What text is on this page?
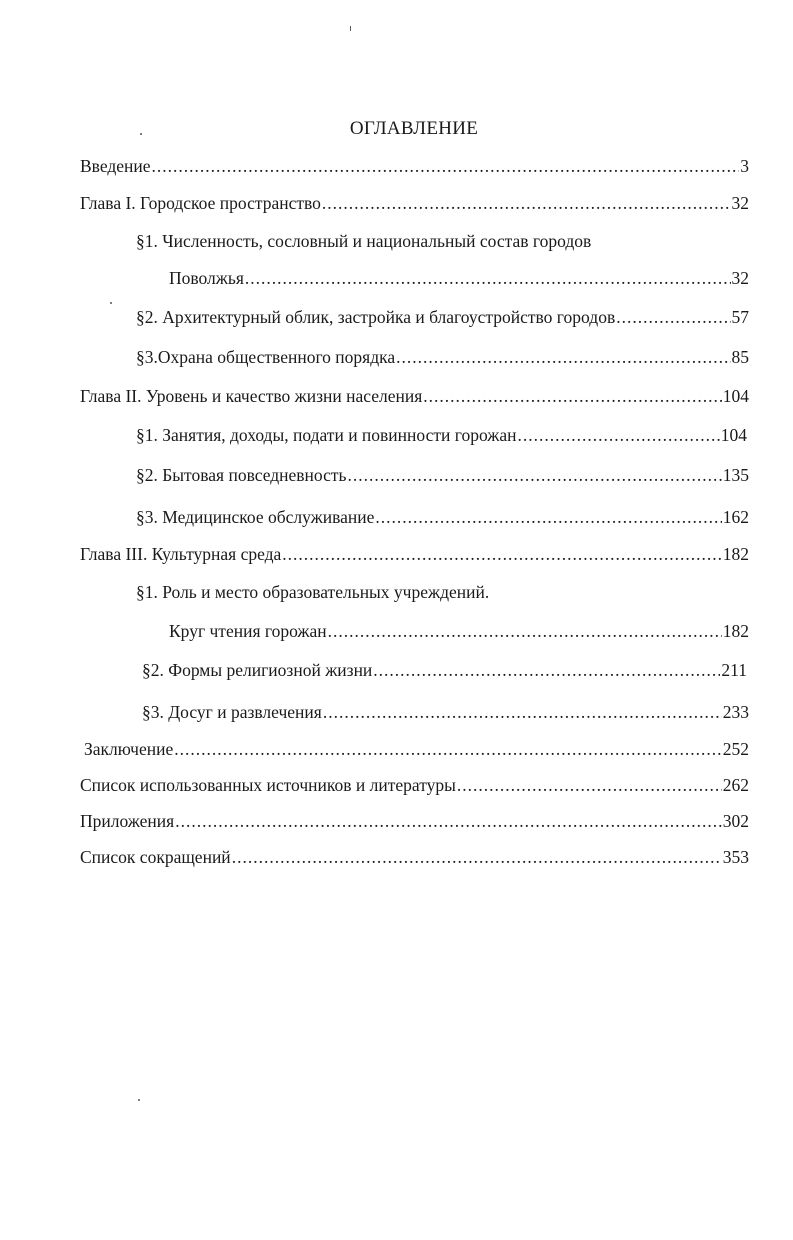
ОГЛАВЛЕНИЕ
Введение .....	3
Глава I. Городское пространство .....	32
§1. Численность, сословный и национальный состав городов
Поволжья .....	32
§2. Архитектурный облик, застройка и благоустройство городов .....	57
§3.Охрана общественного порядка .....	85
Глава II. Уровень и качество жизни населения .....	104
§1. Занятия, доходы, подати и повинности горожан .....	104
§2. Бытовая повседневность .....	135
§3. Медицинское обслуживание .....	162
Глава III. Культурная среда .....	182
§1. Роль и место образовательных учреждений.
Круг чтения горожан .....	182
§2. Формы религиозной жизни .....	211
§3. Досуг и развлечения .....	233
Заключение .....	252
Список использованных источников и литературы .....	262
Приложения .....	302
Список сокращений .....	353
